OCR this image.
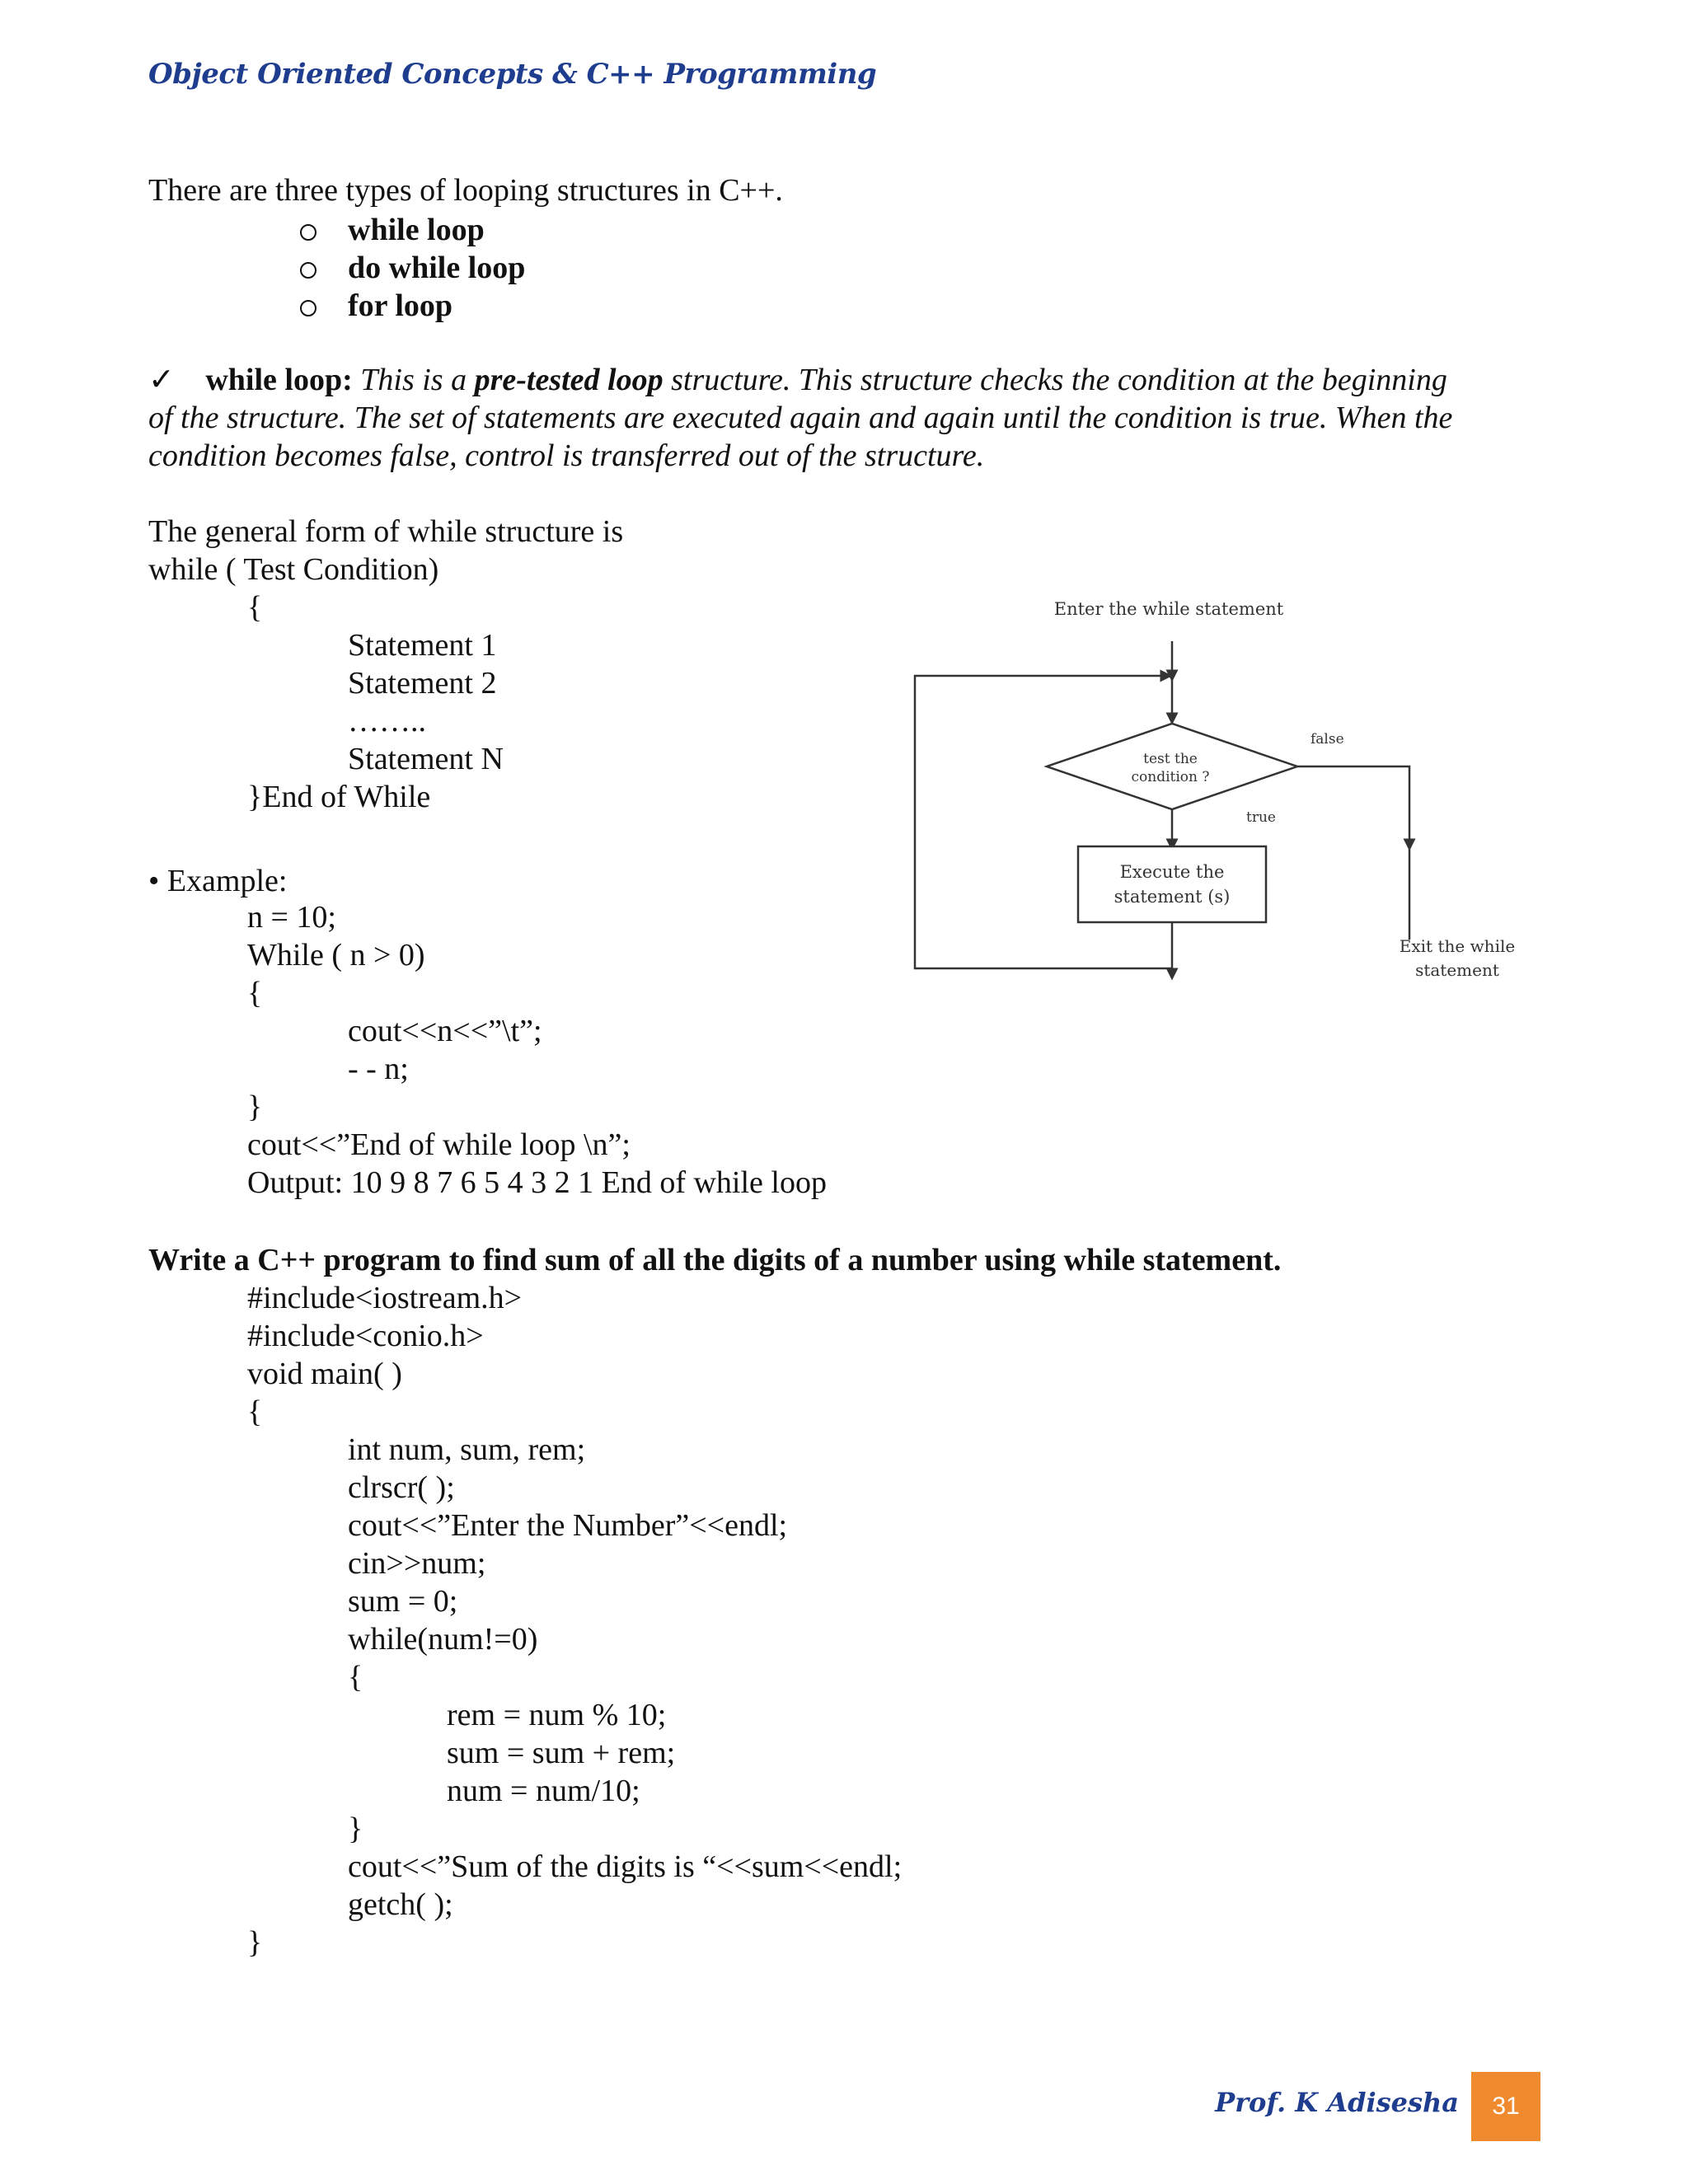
Object Oriented Concepts & C++ Programming
There are three types of looping structures in C++.
while loop
do while loop
for loop
✓ while loop: This is a pre-tested loop structure. This structure checks the condition at the beginning
of the structure. The set of statements are executed again and again until the condition is true. When the
condition becomes false, control is transferred out of the structure.
The general form of while structure is
while ( Test Condition)
{
Statement 1
Statement 2
……..
Statement N
}End of While
• Example:
n = 10;
While ( n > 0)
{
cout<<n<<”\t”;
- - n;
}
cout<<”End of while loop \n”;
Output: 10 9 8 7 6 5 4 3 2 1 End of while loop
Enter the while statement
test the
condition ?
false
true
Execute the
statement (s)
Exit the while
statement
Write a C++ program to find sum of all the digits of a number using while statement.
#include<iostream.h>
#include<conio.h>
void main( )
{
int num, sum, rem;
clrscr( );
cout<<”Enter the Number”<<endl;
cin>>num;
sum = 0;
while(num!=0)
{
rem = num % 10;
sum = sum + rem;
num = num/10;
}
cout<<”Sum of the digits is “<<sum<<endl;
getch( );
}
Prof. K Adisesha	31
